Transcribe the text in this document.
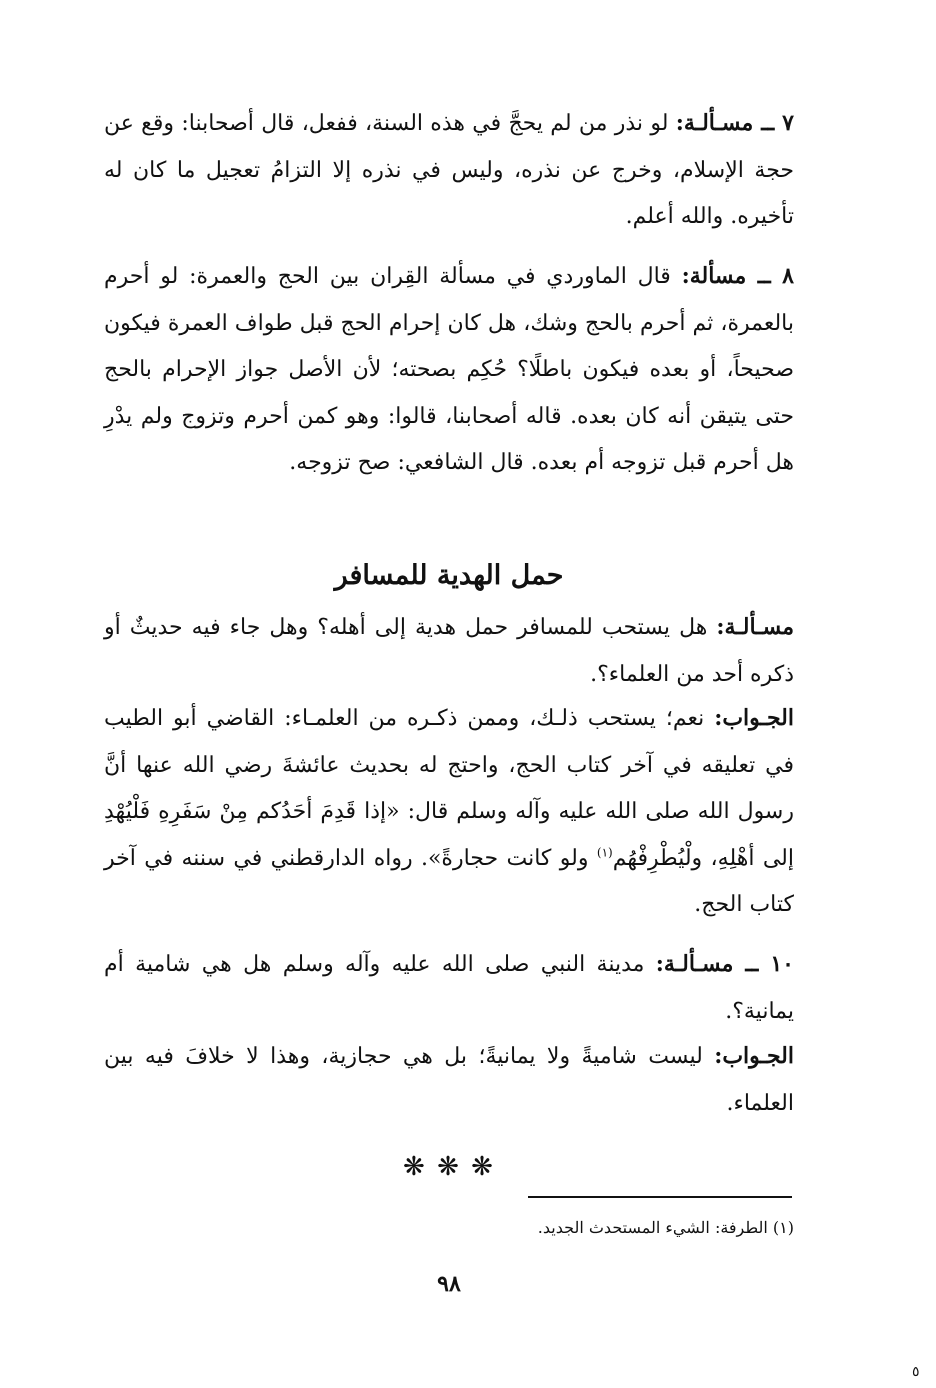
٧ ــ مسـألـة: لو نذر من لم يحجَّ في هذه السنة، ففعل، قال أصحابنا: وقع عن حجة الإسلام، وخرج عن نذره، وليس في نذره إلا التزامُ تعجيل ما كان له تأخيره. والله أعلم.
٨ ــ مسألة: قال الماوردي في مسألة القِران بين الحج والعمرة: لو أحرم بالعمرة، ثم أحرم بالحج وشك، هل كان إحرام الحج قبل طواف العمرة فيكون صحيحاً، أو بعده فيكون باطلًا؟ حُكِم بصحته؛ لأن الأصل جواز الإحرام بالحج حتى يتيقن أنه كان بعده. قاله أصحابنا، قالوا: وهو كمن أحرم وتزوج ولم يدْرِ هل أحرم قبل تزوجه أم بعده. قال الشافعي: صح تزوجه.
حمل الهدية للمسافر
مسـألـة: هل يستحب للمسافر حمل هدية إلى أهله؟ وهل جاء فيه حديثٌ أو ذكره أحد من العلماء؟.
الجـواب: نعم؛ يستحب ذلـك، وممن ذكـره من العلمـاء: القاضي أبو الطيب في تعليقه في آخر كتاب الحج، واحتج له بحديث عائشةَ رضي الله عنها أنَّ رسول الله صلى الله عليه وآله وسلم قال: «إذا قَدِمَ أحَدُكم مِنْ سَفَرِهِ فَلْيُهْدِ إلى أهْلِهِ، ولْيُطْرِفْهُم$^{(١)}$ ولو كانت حجارةً». رواه الدارقطني في سننه في آخر كتاب الحج.
١٠ ــ مسـألـة: مدينة النبي صلى الله عليه وآله وسلم هل هي شامية أم يمانية؟.
الجـواب: ليست شاميةً ولا يمانيةً؛ بل هي حجازية، وهذا لا خلافَ فيه بين العلماء.
❋ ❋ ❋
(١) الطرفة: الشيء المستحدث الجديد.
٩٨
٥
